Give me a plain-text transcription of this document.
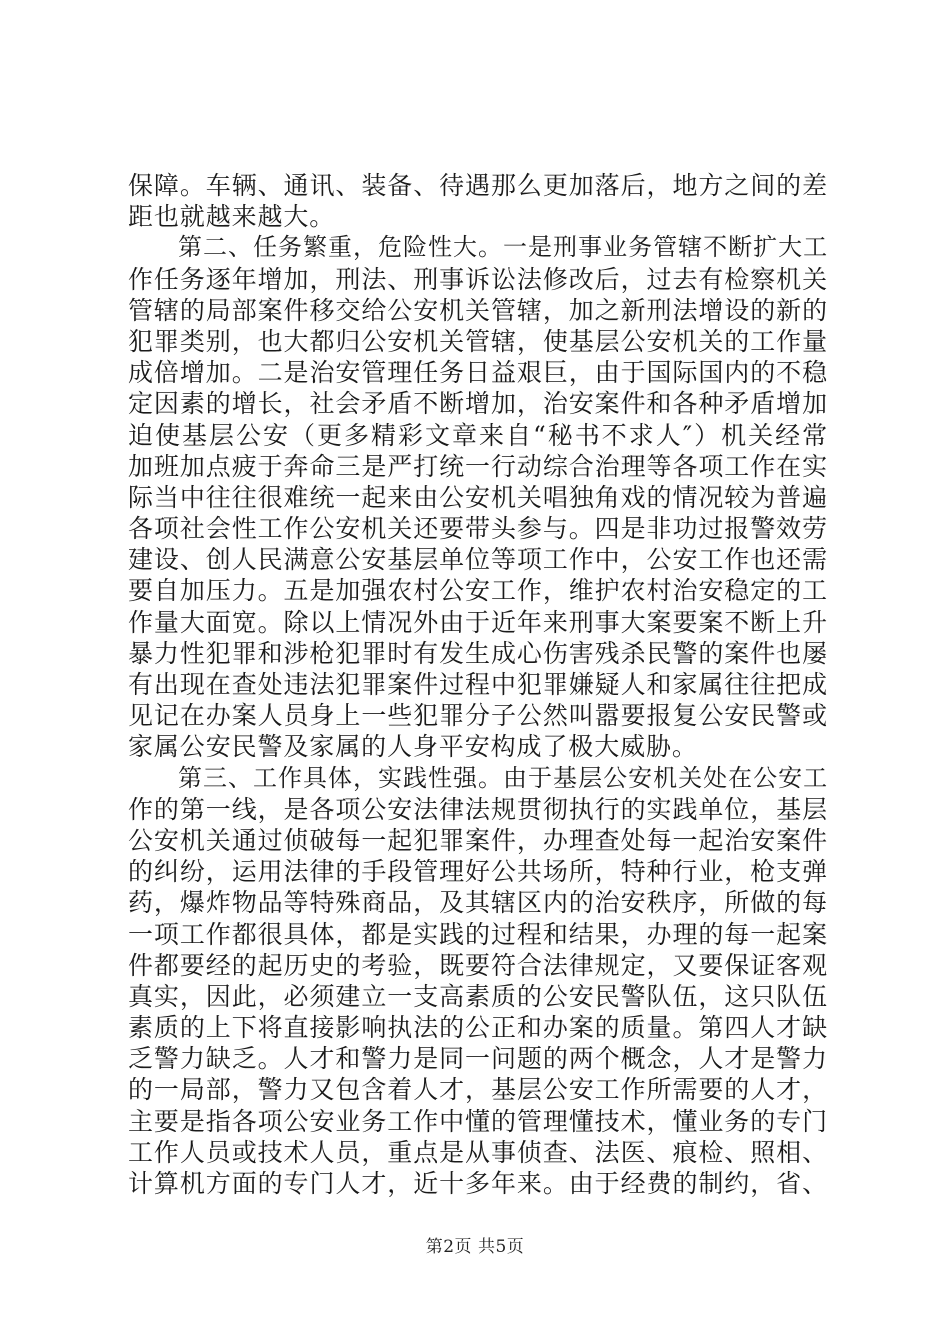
保障。车辆、通讯、装备、待遇那么更加落后，地方之间的差
距也就越来越大。
　　第二、任务繁重，危险性大。一是刑事业务管辖不断扩大工
作任务逐年增加，刑法、刑事诉讼法修改后，过去有检察机关
管辖的局部案件移交给公安机关管辖，加之新刑法增设的新的
犯罪类别，也大都归公安机关管辖，使基层公安机关的工作量
成倍增加。二是治安管理任务日益艰巨，由于国际国内的不稳
定因素的增长，社会矛盾不断增加，治安案件和各种矛盾增加
迫使基层公安（更多精彩文章来自“秘书不求人″）机关经常
加班加点疲于奔命三是严打统一行动综合治理等各项工作在实
际当中往往很难统一起来由公安机关唱独角戏的情况较为普遍
各项社会性工作公安机关还要带头参与。四是非功过报警效劳
建设、创人民满意公安基层单位等项工作中，公安工作也还需
要自加压力。五是加强农村公安工作，维护农村治安稳定的工
作量大面宽。除以上情况外由于近年来刑事大案要案不断上升
暴力性犯罪和涉枪犯罪时有发生成心伤害残杀民警的案件也屡
有出现在查处违法犯罪案件过程中犯罪嫌疑人和家属往往把成
见记在办案人员身上一些犯罪分子公然叫嚣要报复公安民警或
家属公安民警及家属的人身平安构成了极大威胁。
　　第三、工作具体，实践性强。由于基层公安机关处在公安工
作的第一线，是各项公安法律法规贯彻执行的实践单位，基层
公安机关通过侦破每一起犯罪案件，办理查处每一起治安案件
的纠纷，运用法律的手段管理好公共场所，特种行业，枪支弹
药，爆炸物品等特殊商品，及其辖区内的治安秩序，所做的每
一项工作都很具体，都是实践的过程和结果，办理的每一起案
件都要经的起历史的考验，既要符合法律规定，又要保证客观
真实，因此，必须建立一支高素质的公安民警队伍，这只队伍
素质的上下将直接影响执法的公正和办案的质量。第四人才缺
乏警力缺乏。人才和警力是同一问题的两个概念，人才是警力
的一局部，警力又包含着人才，基层公安工作所需要的人才，
主要是指各项公安业务工作中懂的管理懂技术，懂业务的专门
工作人员或技术人员，重点是从事侦查、法医、痕检、照相、
计算机方面的专门人才，近十多年来。由于经费的制约，省、
第2页 共5页
